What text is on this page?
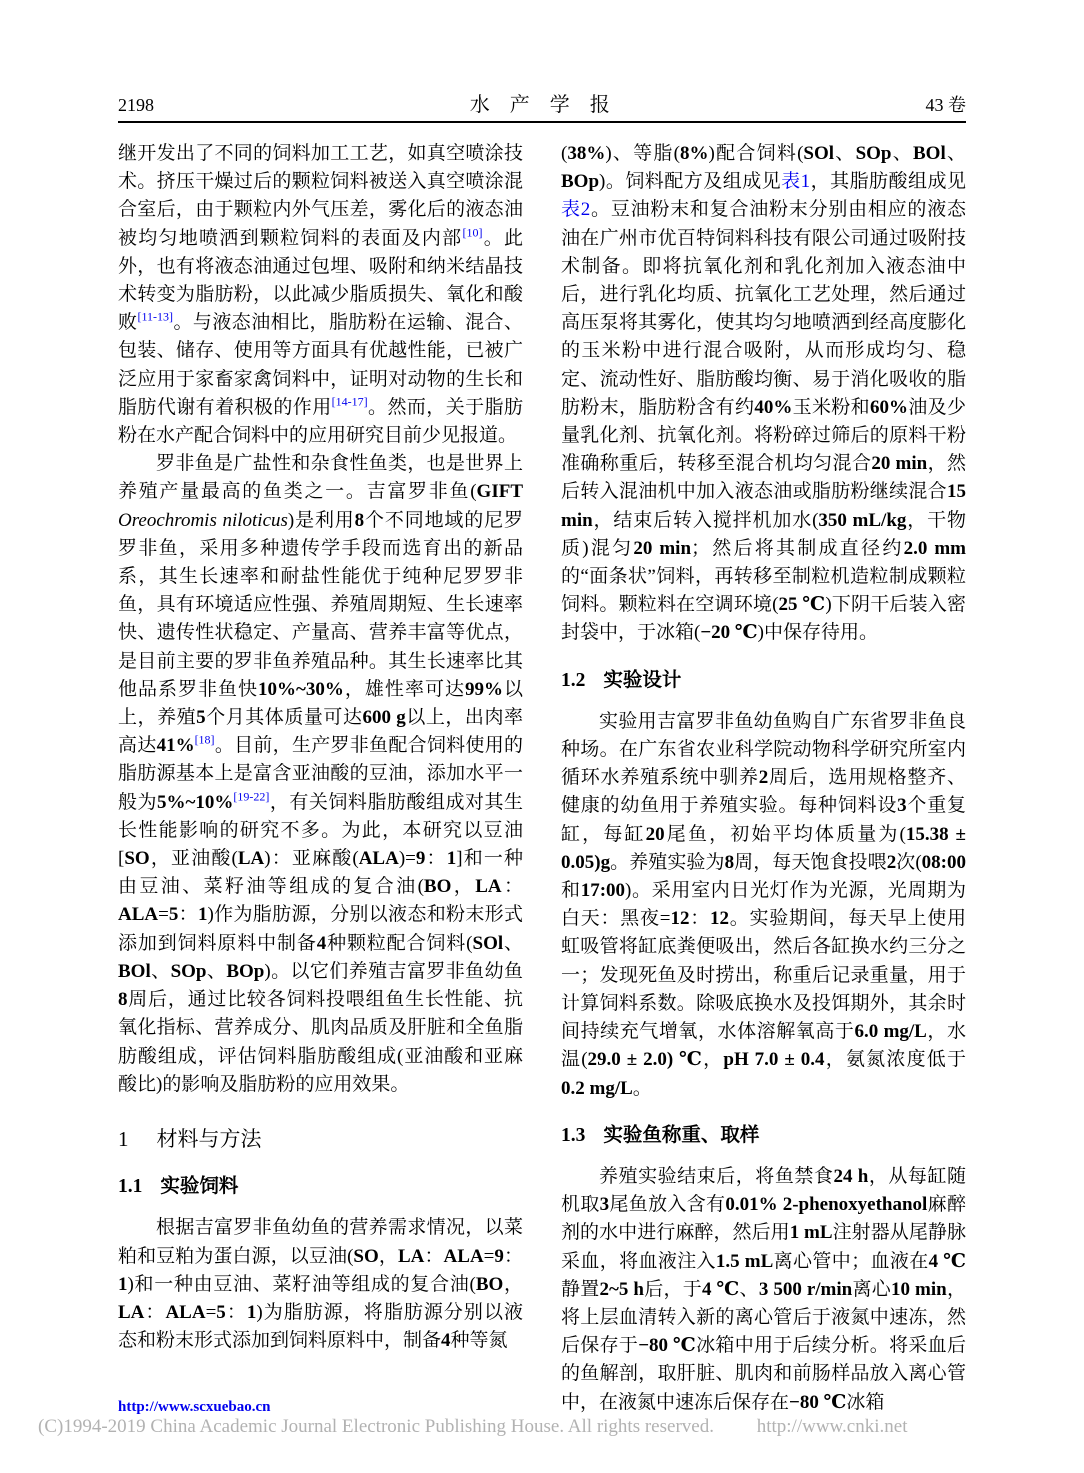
2198	水　产　学　报	43 卷

继开发出了不同的饲料加工工艺，如真空喷涂技术。挤压干燥过后的颗粒饲料被送入真空喷涂混合室后，由于颗粒内外气压差，雾化后的液态油被均匀地喷洒到颗粒饲料的表面及内部[10]。此外，也有将液态油通过包埋、吸附和纳米结晶技术转变为脂肪粉，以此减少脂质损失、氧化和酸败[11-13]。与液态油相比，脂肪粉在运输、混合、包装、储存、使用等方面具有优越性能，已被广泛应用于家畜家禽饲料中，证明对动物的生长和脂肪代谢有着积极的作用[14-17]。然而，关于脂肪粉在水产配合饲料中的应用研究目前少见报道。

罗非鱼是广盐性和杂食性鱼类，也是世界上养殖产量最高的鱼类之一。吉富罗非鱼(GIFT Oreochromis niloticus)是利用8个不同地域的尼罗罗非鱼，采用多种遗传学手段而选育出的新品系，其生长速率和耐盐性能优于纯种尼罗罗非鱼，具有环境适应性强、养殖周期短、生长速率快、遗传性状稳定、产量高、营养丰富等优点，是目前主要的罗非鱼养殖品种。其生长速率比其他品系罗非鱼快10%~30%，雄性率可达99%以上，养殖5个月其体质量可达600 g以上，出肉率高达41%[18]。目前，生产罗非鱼配合饲料使用的脂肪源基本上是富含亚油酸的豆油，添加水平一般为5%~10%[19-22]，有关饲料脂肪酸组成对其生长性能影响的研究不多。为此，本研究以豆油[SO，亚油酸(LA)：亚麻酸(ALA)=9：1]和一种由豆油、菜籽油等组成的复合油(BO，LA：ALA=5：1)作为脂肪源，分别以液态和粉末形式添加到饲料原料中制备4种颗粒配合饲料(SOl、BOl、SOp、BOp)。以它们养殖吉富罗非鱼幼鱼8周后，通过比较各饲料投喂组鱼生长性能、抗氧化指标、营养成分、肌肉品质及肝脏和全鱼脂肪酸组成，评估饲料脂肪酸组成(亚油酸和亚麻酸比)的影响及脂肪粉的应用效果。

1 材料与方法
1.1 实验饲料

根据吉富罗非鱼幼鱼的营养需求情况，以菜粕和豆粕为蛋白源，以豆油(SO，LA：ALA=9：1)和一种由豆油、菜籽油等组成的复合油(BO，LA：ALA=5：1)为脂肪源，将脂肪源分别以液态和粉末形式添加到饲料原料中，制备4种等氮

(38%)、等脂(8%)配合饲料(SOl、SOp、BOl、BOp)。饲料配方及组成见表1，其脂肪酸组成见表2。豆油粉末和复合油粉末分别由相应的液态油在广州市优百特饲料科技有限公司通过吸附技术制备。即将抗氧化剂和乳化剂加入液态油中后，进行乳化均质、抗氧化工艺处理，然后通过高压泵将其雾化，使其均匀地喷洒到经高度膨化的玉米粉中进行混合吸附，从而形成均匀、稳定、流动性好、脂肪酸均衡、易于消化吸收的脂肪粉末，脂肪粉含有约40%玉米粉和60%油及少量乳化剂、抗氧化剂。将粉碎过筛后的原料干粉准确称重后，转移至混合机均匀混合20 min，然后转入混油机中加入液态油或脂肪粉继续混合15 min，结束后转入搅拌机加水(350 mL/kg，干物质)混匀20 min；然后将其制成直径约2.0 mm的“面条状”饲料，再转移至制粒机造粒制成颗粒饲料。颗粒料在空调环境(25 ℃)下阴干后装入密封袋中，于冰箱(−20 ℃)中保存待用。

1.2 实验设计

实验用吉富罗非鱼幼鱼购自广东省罗非鱼良种场。在广东省农业科学院动物科学研究所室内循环水养殖系统中驯养2周后，选用规格整齐、健康的幼鱼用于养殖实验。每种饲料设3个重复缸，每缸20尾鱼，初始平均体质量为(15.38 ± 0.05)g。养殖实验为8周，每天饱食投喂2次(08:00和17:00)。采用室内日光灯作为光源，光周期为白天：黑夜=12：12。实验期间，每天早上使用虹吸管将缸底粪便吸出，然后各缸换水约三分之一；发现死鱼及时捞出，称重后记录重量，用于计算饲料系数。除吸底换水及投饵期外，其余时间持续充气增氧，水体溶解氧高于6.0 mg/L，水温(29.0 ± 2.0) ℃，pH 7.0 ± 0.4，氨氮浓度低于0.2 mg/L。

1.3 实验鱼称重、取样

养殖实验结束后，将鱼禁食24 h，从每缸随机取3尾鱼放入含有0.01% 2-phenoxyethanol麻醉剂的水中进行麻醉，然后用1 mL注射器从尾静脉采血，将血液注入1.5 mL离心管中；血液在4 ℃静置2~5 h后，于4 ℃、3 500 r/min离心10 min，将上层血清转入新的离心管后于液氮中速冻，然后保存于−80 ℃冰箱中用于后续分析。将采血后的鱼解剖，取肝脏、肌肉和前肠样品放入离心管中，在液氮中速冻后保存在−80 ℃冰箱

http://www.scxuebao.cn
(C)1994-2019 China Academic Journal Electronic Publishing House. All rights reserved. http://www.cnki.net
